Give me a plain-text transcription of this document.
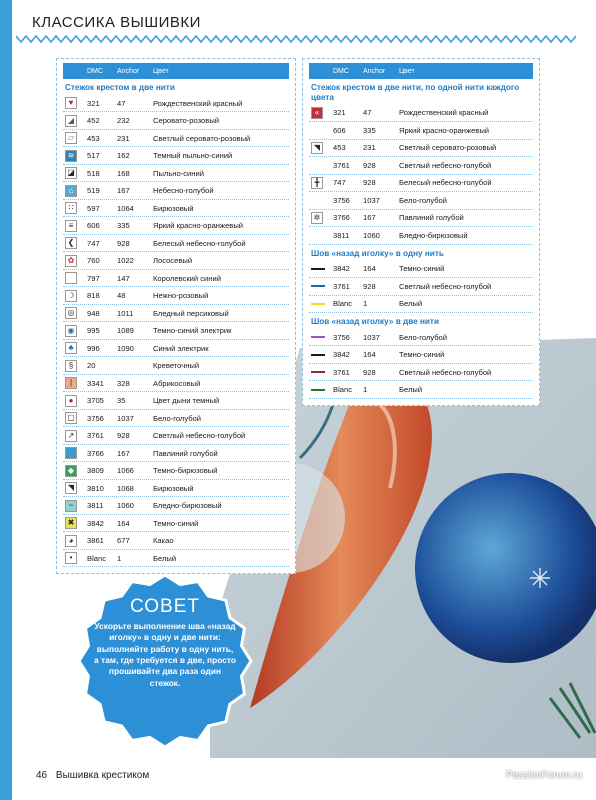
КЛАССИКА ВЫШИВКИ
DMC	Anchor	Цвет
Стежок крестом в две нити
♥	321	47	Рождественский красный
◢	452	232	Серовато-розовый
▱	453	231	Светлый серовато-розовый
≋	517	162	Темный пыльно-синий
◪ 518	168	Пыльно-синий
⌂	519	167	Небесно-голубой
∷	597	1064	Бирюзовый
≡	606	335	Яркий красно-оранжевый
❮	747	928	Белесый небесно-голубой
✿	760	1022	Лососевый
797	147	Королевский синий
☽	818	48	Нежно-розовый
◎	948	1011	Бледный персиковый
◉	995	1089	Темно-синий электрик
♣	996	1090	Синий электрик
§	20	Креветочный
|	3341	328	Абрикосовый
●	3705	35	Цвет дыни темный
▢ 3756	1037	Бело-голубой
↗	3761	928	Светлый небесно-голубой
3766	167	Павлиний голубой
◆	3809	1066	Темно-бирюзовый
◥	3810	1068	Бирюзовый
~	3811	1060	Бледно-бирюзовый
✖	3842	164	Темно-синий
◕	3861	677	Какао
•	Blanc	1	Белый
DMC	Anchor	Цвет
Стежок крестом в две нити, по одной нити каждого цвета
«	321	47	Рождественский красный
606	335	Яркий красно-оранжевый
◥	453	231	Светлый серовато-розовый
3761	928	Светлый небесно-голубой
╋	747	928	Белесый небесно-голубой
3756	1037	Бело-голубой
✲	3766	167	Павлиний голубой
3811	1060	Бледно-бирюзовый
Шов «назад иголку» в одну нить
3842	164	Темно-синий
3761	928	Светлый небесно-голубой
Blanc	1	Белый
Шов «назад иголку» в две нити
3756	1037	Бело-голубой
3842	164	Темно-синий
3761	928	Светлый небесно-голубой
Blanc	1	Белый
СОВЕТ
Ускорьте выполнение шва «назад иголку» в одну и две нити: выполняйте работу в одну нить, а там, где требуется в две, просто прошивайте два раза один стежок.
46 Вышивка крестиком	PassionForum.ru
